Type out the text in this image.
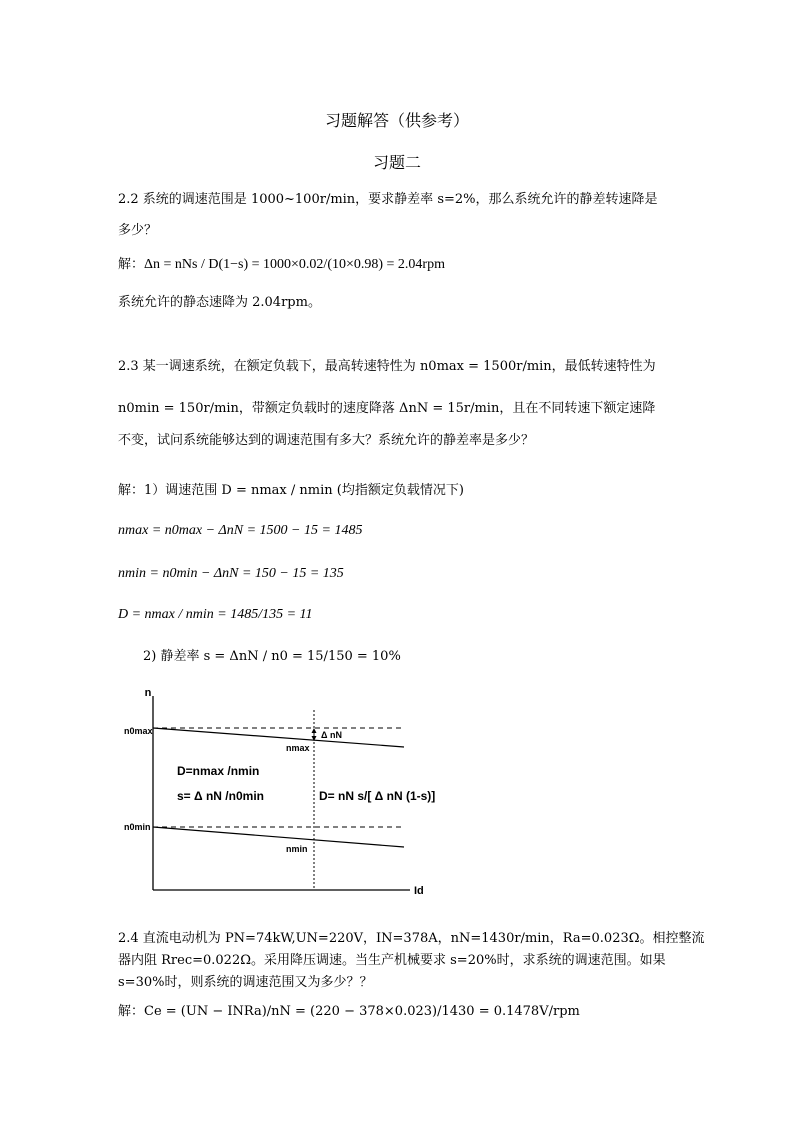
习题解答（供参考）
习题二
2.2 系统的调速范围是 1000~100r/min，要求静差率 s=2%，那么系统允许的静差转速降是
多少？
解：Δn = nNs / D(1−s) = 1000×0.02/(10×0.98) = 2.04rpm
系统允许的静态速降为 2.04rpm。
2.3 某一调速系统，在额定负载下，最高转速特性为 n0max = 1500r/min，最低转速特性为
n0min = 150r/min，带额定负载时的速度降落 ΔnN = 15r/min，且在不同转速下额定速降
不变，试问系统能够达到的调速范围有多大？系统允许的静差率是多少？
解：1）调速范围 D = nmax / nmin (均指额定负载情况下)
nmax = n0max − ΔnN = 1500 − 15 = 1485
nmin = n0min − ΔnN = 150 − 15 = 135
D = nmax / nmin = 1485/135 = 11
2) 静差率 s = ΔnN / n0 = 15/150 = 10%
n
Id
n0max
n0min
nmax
nmin
Δ nN
D=nmax /nmin
s= Δ nN /n0min	D= nN s/[ Δ nN (1-s)]
2.4 直流电动机为 PN=74kW,UN=220V，IN=378A，nN=1430r/min，Ra=0.023Ω。相控整流
器内阻 Rrec=0.022Ω。采用降压调速。当生产机械要求 s=20%时，求系统的调速范围。如果
s=30%时，则系统的调速范围又为多少？？
解：Ce = (UN − INRa)/nN = (220 − 378×0.023)/1430 = 0.1478V/rpm
